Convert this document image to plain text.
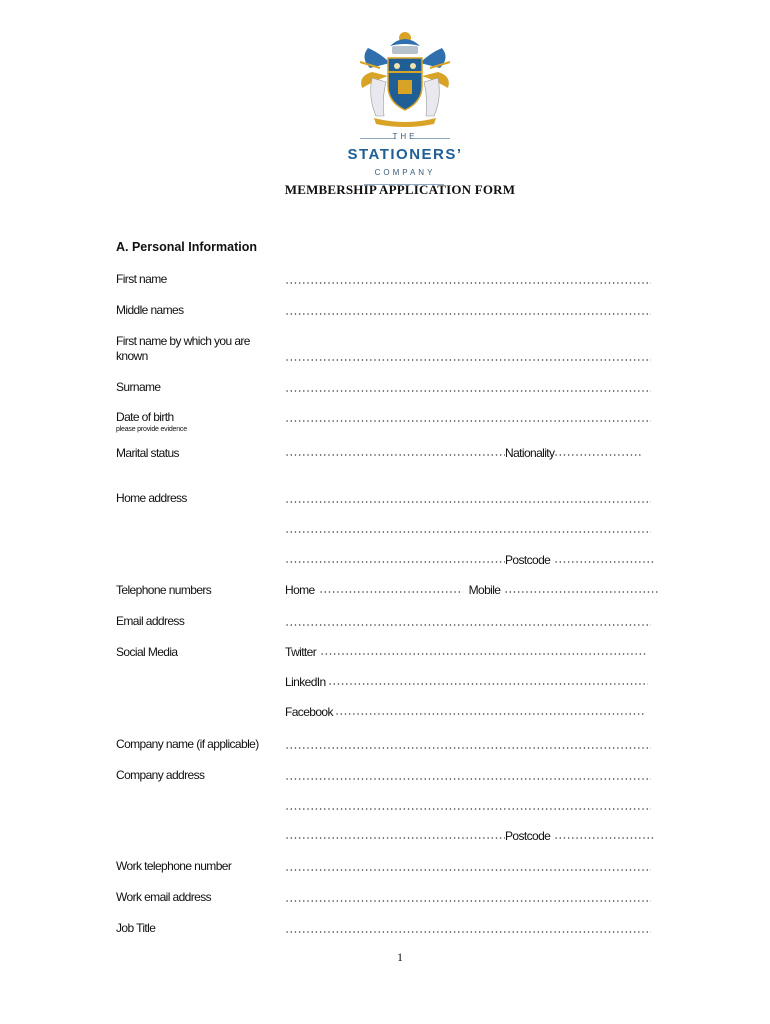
THE
STATIONERS’
COMPANY
MEMBERSHIP APPLICATION FORM
A. Personal Information
First name
Middle names
First name by which you are
known
Surname
Date of birth
please provide evidence
Marital status	Nationality
Home address
Postcode
Telephone numbers	Home	Mobile
Email address
Social Media	Twitter
LinkedIn
Facebook
Company name (if applicable)
Company address
Postcode
Work telephone number
Work email address
Job Title
1
